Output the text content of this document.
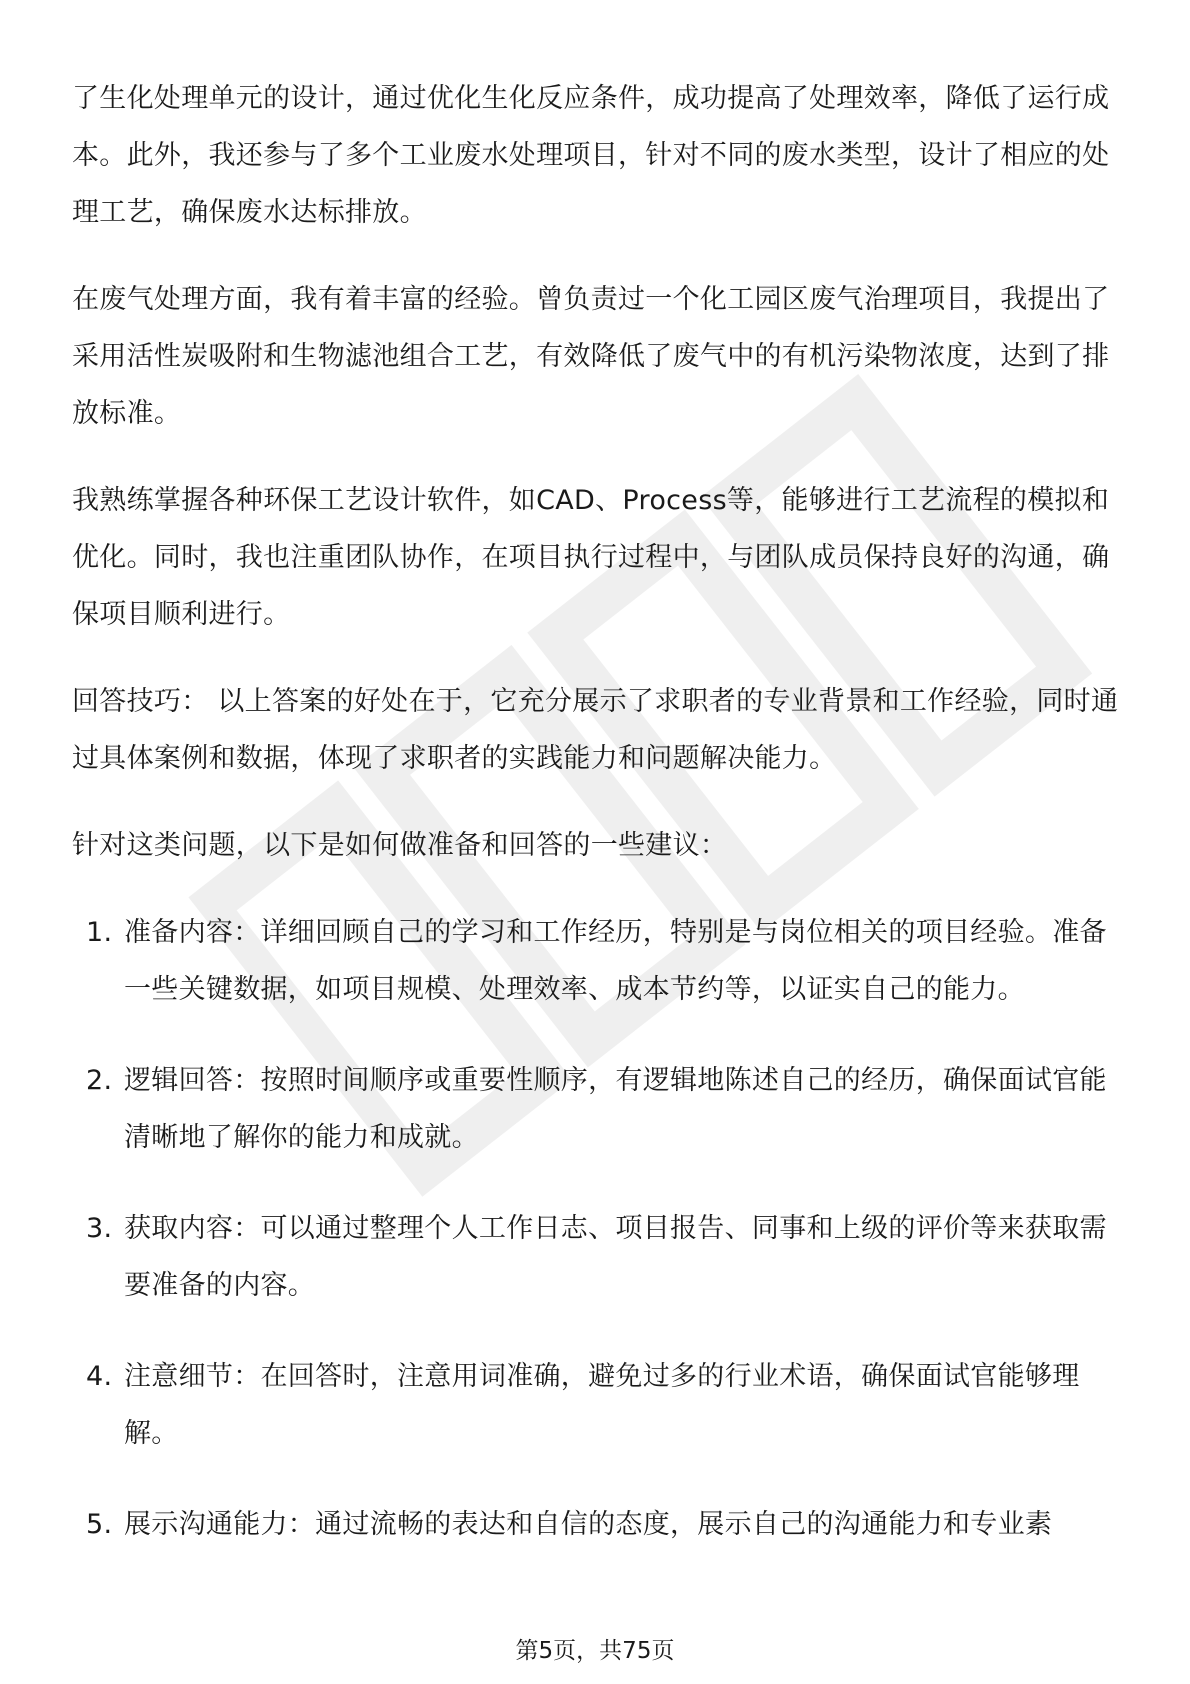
了生化处理单元的设计，通过优化生化反应条件，成功提高了处理效率，降低了运行成本。此外，我还参与了多个工业废水处理项目，针对不同的废水类型，设计了相应的处理工艺，确保废水达标排放。

在废气处理方面，我有着丰富的经验。曾负责过一个化工园区废气治理项目，我提出了采用活性炭吸附和生物滤池组合工艺，有效降低了废气中的有机污染物浓度，达到了排放标准。

我熟练掌握各种环保工艺设计软件，如CAD、Process等，能够进行工艺流程的模拟和优化。同时，我也注重团队协作，在项目执行过程中，与团队成员保持良好的沟通，确保项目顺利进行。

回答技巧： 以上答案的好处在于，它充分展示了求职者的专业背景和工作经验，同时通过具体案例和数据，体现了求职者的实践能力和问题解决能力。

针对这类问题，以下是如何做准备和回答的一些建议：

1. 准备内容：详细回顾自己的学习和工作经历，特别是与岗位相关的项目经验。准备一些关键数据，如项目规模、处理效率、成本节约等，以证实自己的能力。
2. 逻辑回答：按照时间顺序或重要性顺序，有逻辑地陈述自己的经历，确保面试官能清晰地了解你的能力和成就。
3. 获取内容：可以通过整理个人工作日志、项目报告、同事和上级的评价等来获取需要准备的内容。
4. 注意细节：在回答时，注意用词准确，避免过多的行业术语，确保面试官能够理解。
5. 展示沟通能力：通过流畅的表达和自信的态度，展示自己的沟通能力和专业素
第5页，共75页
